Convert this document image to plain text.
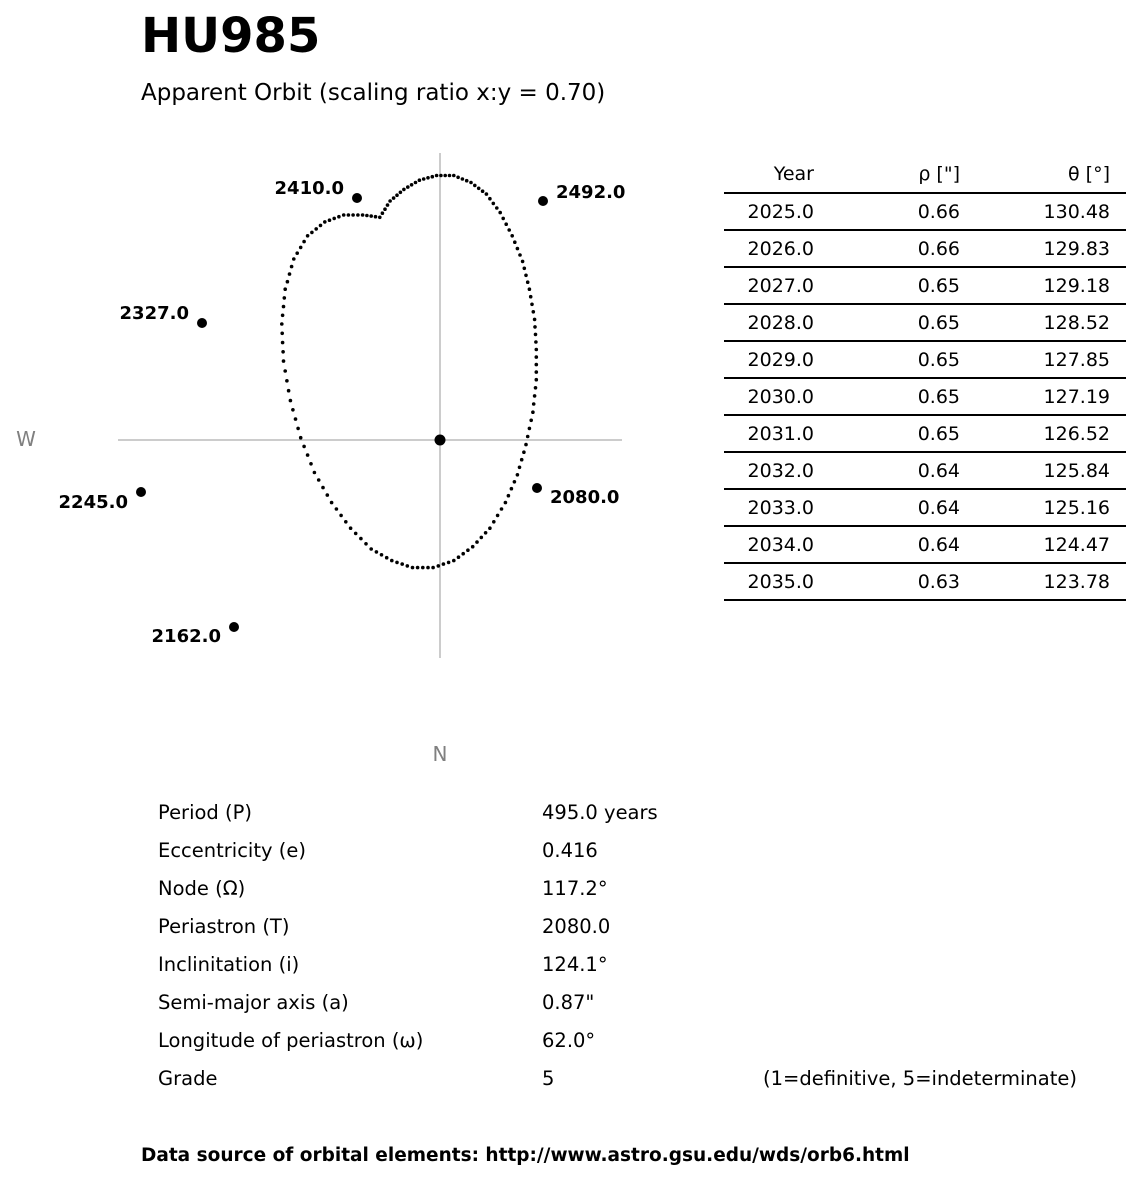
HU985
Apparent Orbit (scaling ratio x:y = 0.70)
2080.0
2162.0
2245.0
2327.0
2410.0	2492.0
W
N
Year	ρ ["]	θ [°]
2025.0	0.66	130.48
2026.0	0.66	129.83
2027.0	0.65	129.18
2028.0	0.65	128.52
2029.0	0.65	127.85
2030.0	0.65	127.19
2031.0	0.65	126.52
2032.0	0.64	125.84
2033.0	0.64	125.16
2034.0	0.64	124.47
2035.0	0.63	123.78
Period (P)	495.0 years
Eccentricity (e)	0.416
Node (Ω)	117.2°
Periastron (T)	2080.0
Inclinitation (i)	124.1°
Semi-major axis (a)	0.87"
Longitude of periastron (ω)	62.0°
Grade	5	(1=definitive, 5=indeterminate)
Data source of orbital elements: http://www.astro.gsu.edu/wds/orb6.html
